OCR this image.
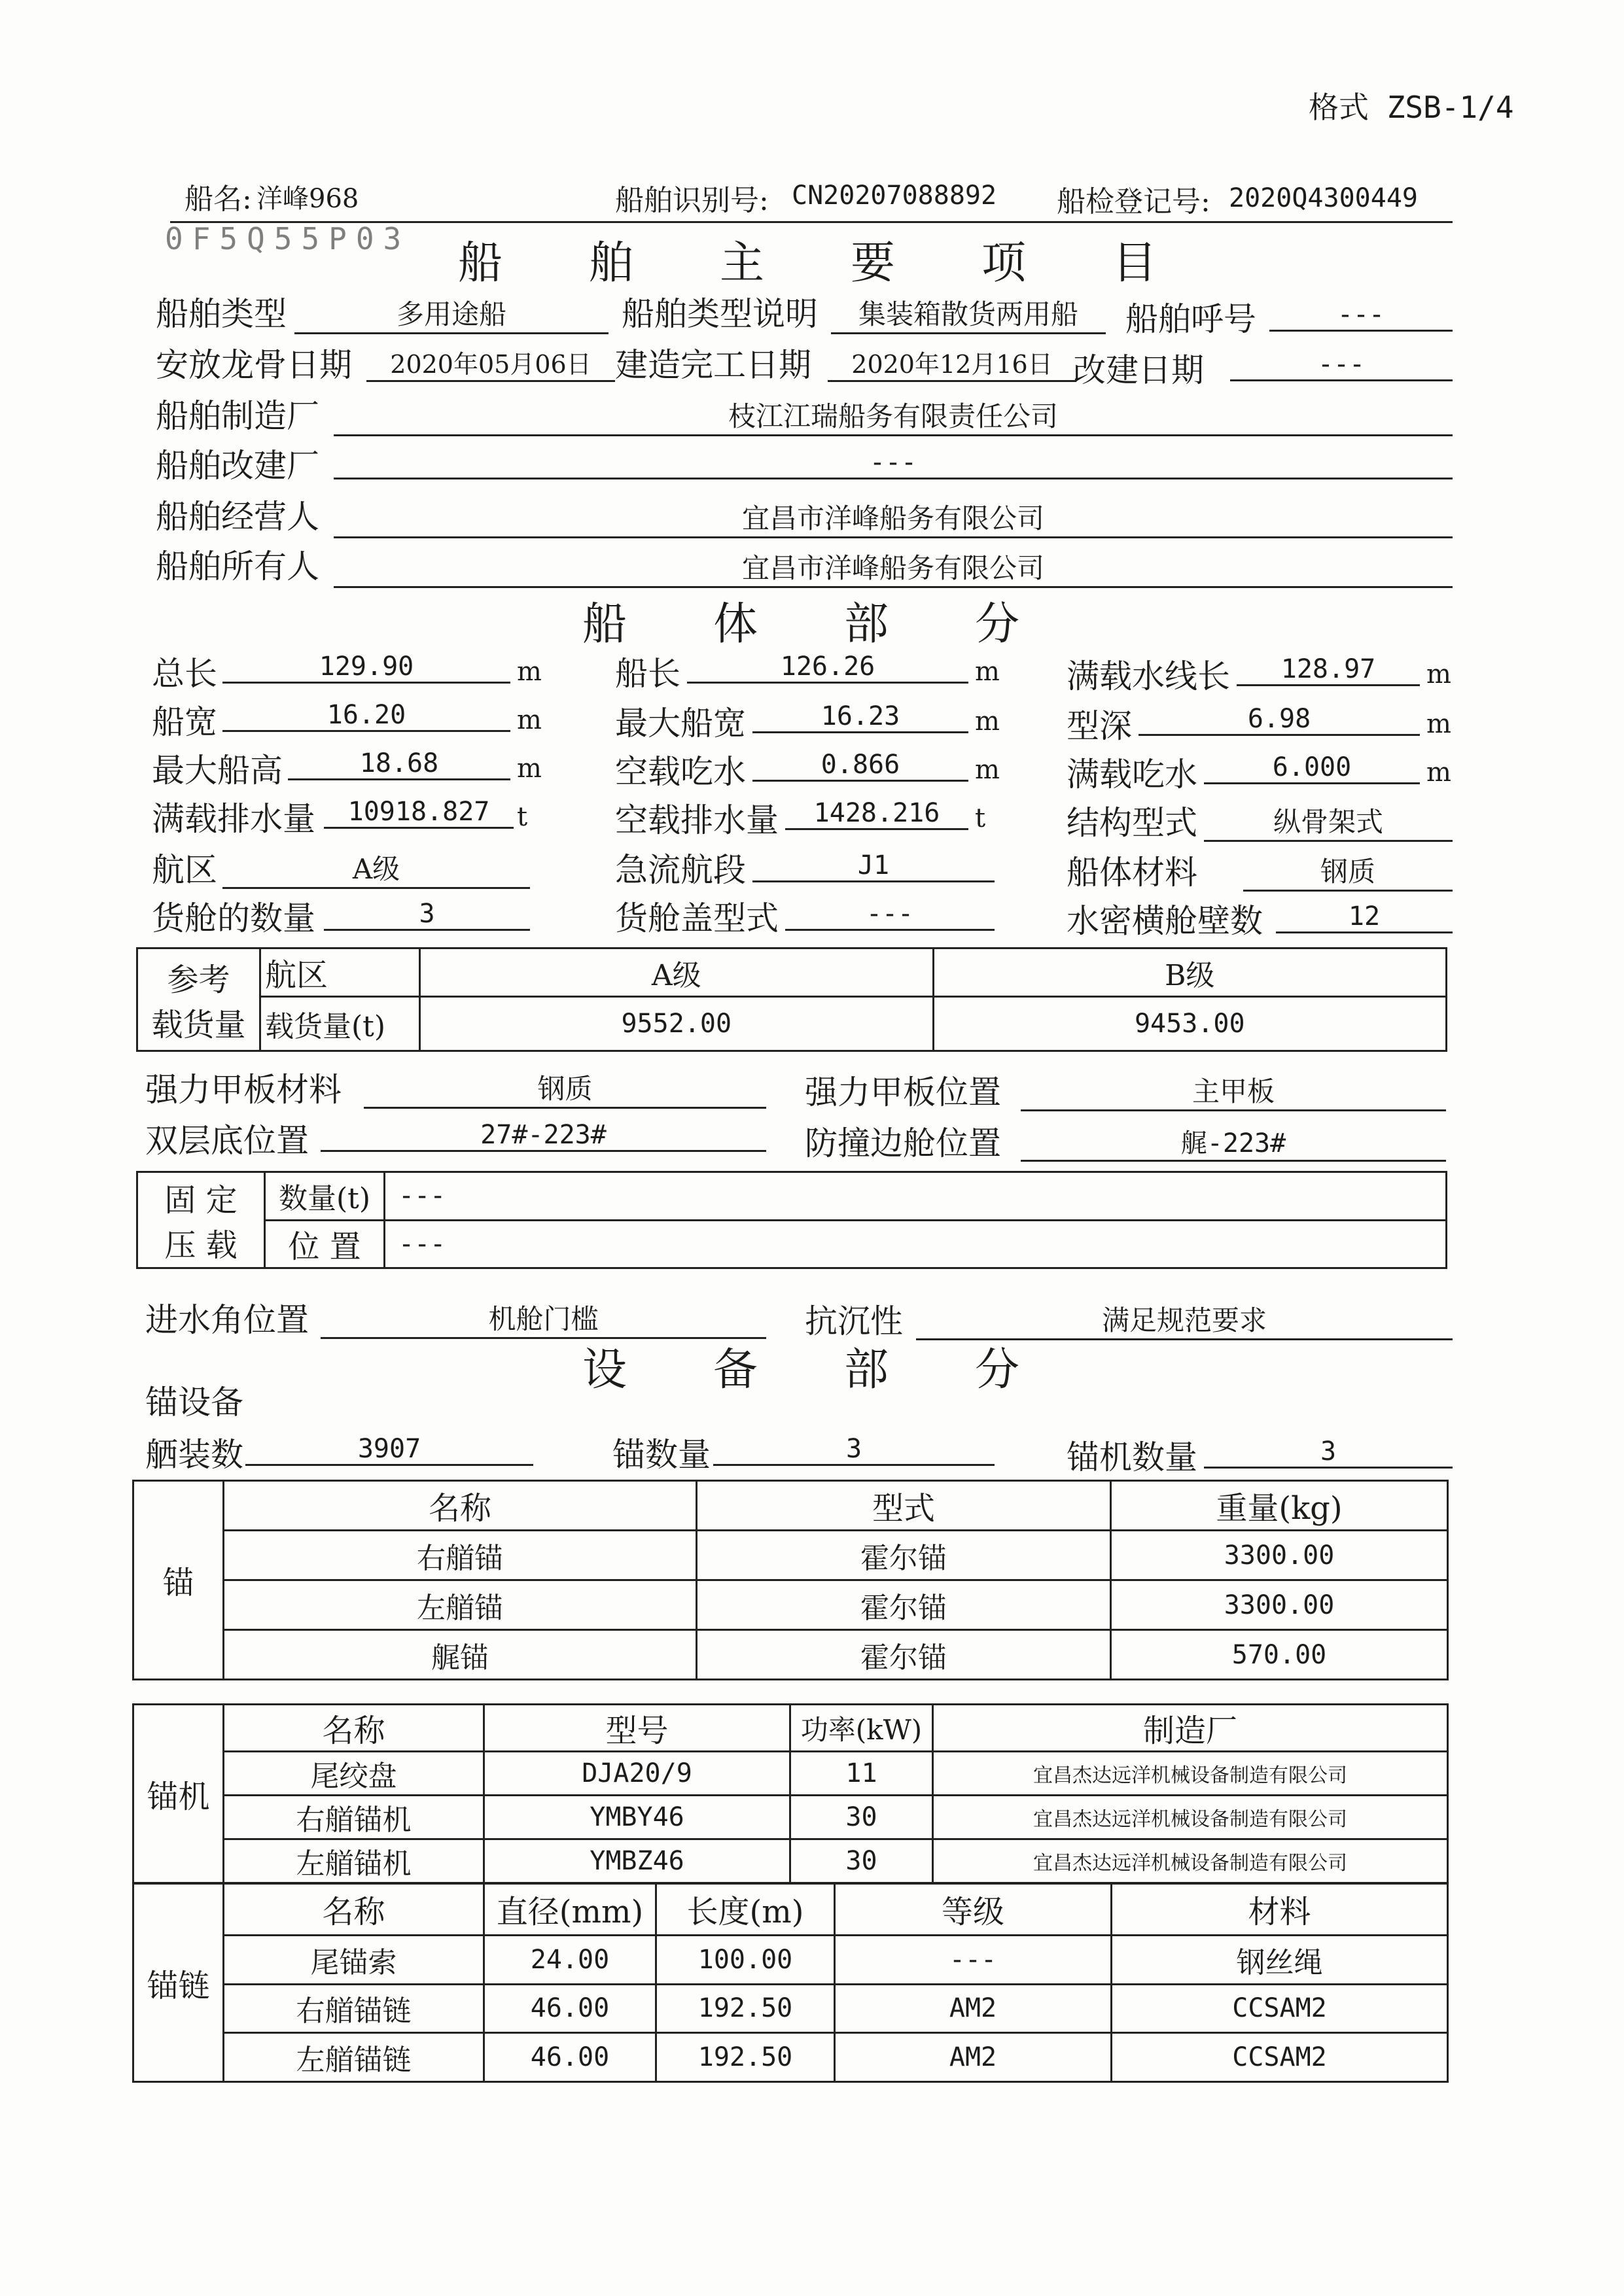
格式 ZSB-1/4
船名: 洋峰968	船舶识别号: CN20207088892 船检登记号: 2020Q4300449
0F5Q55P03 船 舶 主 要 项 目
船舶类型	多用途船	船舶类型说明	集装箱散货两用船	船舶呼号	---
安放龙骨日期	2020年05月06日 建造完工日期	2020年12月16日 改建日期	---
船舶制造厂	枝江江瑞船务有限责任公司
船舶改建厂	---
船舶经营人	宜昌市洋峰船务有限公司
船舶所有人	宜昌市洋峰船务有限公司
船 体 部 分
总长	129.90	m 船长	126.26	m 满载水线长	128.97	m
船宽	16.20	m 最大船宽	16.23	m 型深	6.98	m
最大船高	18.68	m 空载吃水	0.866	m 满载吃水	6.000	m
满载排水量	10918.827	t	空载排水量	1428.216	t 结构型式	纵骨架式
航区	A级	急流航段	J1	船体材料	钢质
货舱的数量	3	货舱盖型式	---	水密横舱壁数	12
参考
载货量	航区	A级	B级
	载货量(t)	9552.00	9453.00
强力甲板材料	钢质	强力甲板位置	主甲板
双层底位置	27#-223#	防撞边舱位置	艉-223#
固 定
压 载	数量(t)	---
	位 置	---
进水角位置	机舱门槛	抗沉性	满足规范要求
设 备 部 分
锚设备
舾装数	3907	锚数量	3	锚机数量	3
锚	名称	型式	重量(kg)
	右艏锚	霍尔锚	3300.00
	左艏锚	霍尔锚	3300.00
	艉锚	霍尔锚	570.00
锚机	名称	型号	功率(kW)	制造厂
	尾绞盘	DJA20/9	11	宜昌杰达远洋机械设备制造有限公司
	右艏锚机	YMBY46	30	宜昌杰达远洋机械设备制造有限公司
	左艏锚机	YMBZ46	30	宜昌杰达远洋机械设备制造有限公司
锚链	名称	直径(mm)	长度(m)	等级	材料
	尾锚索	24.00	100.00	---	钢丝绳
	右艏锚链	46.00	192.50	AM2	CCSAM2
	左艏锚链	46.00	192.50	AM2	CCSAM2
